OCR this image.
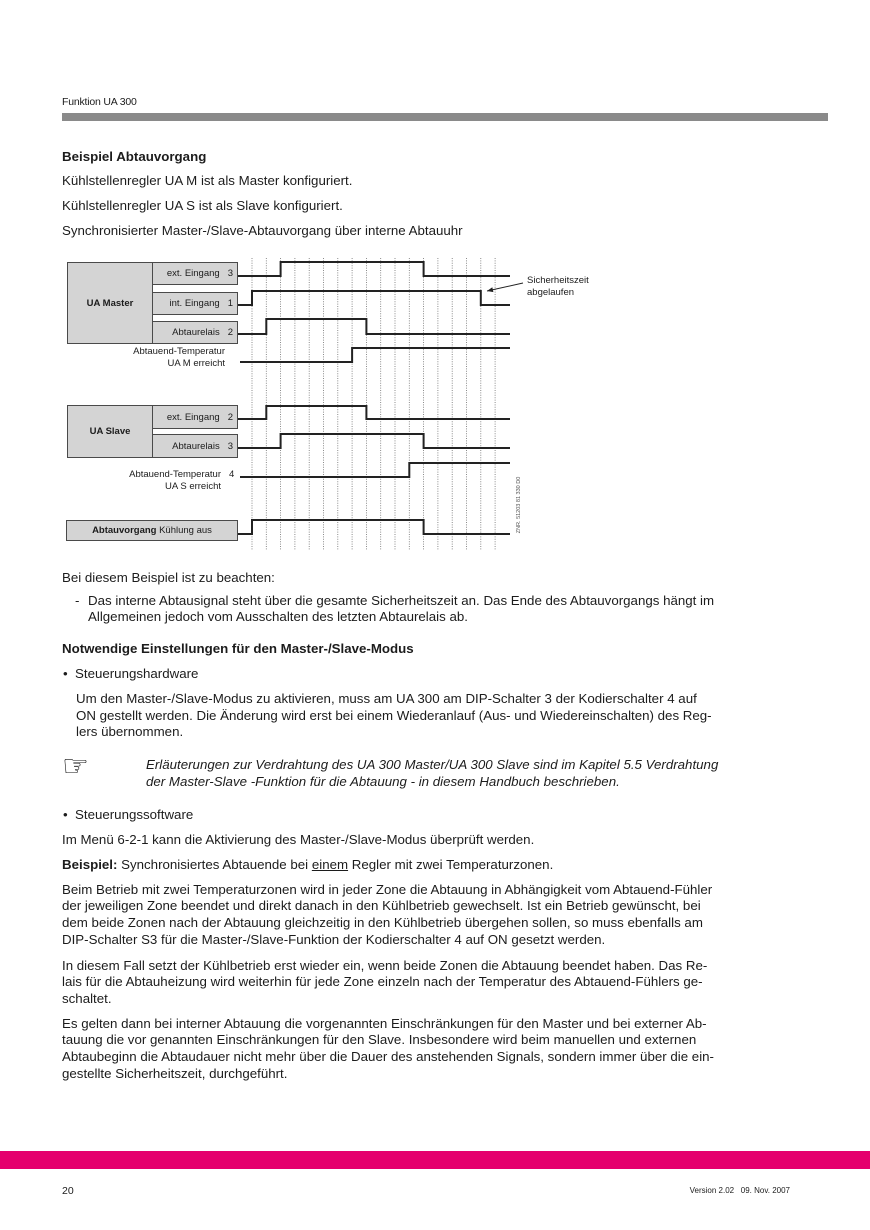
Funktion UA 300
Beispiel Abtauvorgang
Kühlstellenregler UA M ist als Master konfiguriert.
Kühlstellenregler UA S ist als Slave konfiguriert.
Synchronisierter Master-/Slave-Abtauvorgang über interne Abtauuhr
UA Master
ext. Eingang 3
int. Eingang 1
Abtaurelais 2
Abtauend-Temperatur
UA M erreicht
UA Slave
ext. Eingang 2
Abtaurelais 3
Abtauend-Temperatur 4
UA S erreicht
Abtauvorgang Kühlung aus
Sicherheitszeit
abgelaufen
ZNR. 51203 81 330 D0
Bei diesem Beispiel ist zu beachten:
- Das interne Abtausignal steht über die gesamte Sicherheitszeit an. Das Ende des Abtauvorgangs hängt im
Allgemeinen jedoch vom Ausschalten des letzten Abtaurelais ab.
Notwendige Einstellungen für den Master-/Slave-Modus
• Steuerungshardware
Um den Master-/Slave-Modus zu aktivieren, muss am UA 300 am DIP-Schalter 3 der Kodierschalter 4 auf
ON gestellt werden. Die Änderung wird erst bei einem Wiederanlauf (Aus- und Wiedereinschalten) des Reg-
lers übernommen.
☞	Erläuterungen zur Verdrahtung des UA 300 Master/UA 300 Slave sind im Kapitel 5.5 Verdrahtung
der Master-Slave -Funktion für die Abtauung - in diesem Handbuch beschrieben.
• Steuerungssoftware
Im Menü 6-2-1 kann die Aktivierung des Master-/Slave-Modus überprüft werden.
Beispiel: Synchronisiertes Abtauende bei einem Regler mit zwei Temperaturzonen.
Beim Betrieb mit zwei Temperaturzonen wird in jeder Zone die Abtauung in Abhängigkeit vom Abtauend-Fühler
der jeweiligen Zone beendet und direkt danach in den Kühlbetrieb gewechselt. Ist ein Betrieb gewünscht, bei
dem beide Zonen nach der Abtauung gleichzeitig in den Kühlbetrieb übergehen sollen, so muss ebenfalls am
DIP-Schalter S3 für die Master-/Slave-Funktion der Kodierschalter 4 auf ON gesetzt werden.
In diesem Fall setzt der Kühlbetrieb erst wieder ein, wenn beide Zonen die Abtauung beendet haben. Das Re-
lais für die Abtauheizung wird weiterhin für jede Zone einzeln nach der Temperatur des Abtauend-Fühlers ge-
schaltet.
Es gelten dann bei interner Abtauung die vorgenannten Einschränkungen für den Master und bei externer Ab-
tauung die vor genannten Einschränkungen für den Slave. Insbesondere wird beim manuellen und externen
Abtaubeginn die Abtaudauer nicht mehr über die Dauer des anstehenden Signals, sondern immer über die ein-
gestellte Sicherheitszeit, durchgeführt.
20	Version 2.02   09. Nov. 2007
